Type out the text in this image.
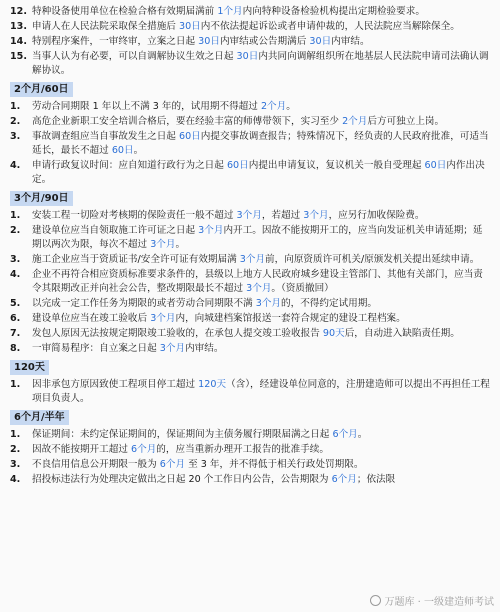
12. 特种设备使用单位在检验合格有效期届满前 1个月内向特种设备检验机构提出定期检验要求。
13. 申请人在人民法院采取保全措施后 30日内不依法提起诉讼或者申请仲裁的，人民法院应当解除保全。
14. 特别程序案件，一审终审，立案之日起 30日内审结或公告期满后 30日内审结。
15. 当事人认为有必要，可以自调解协议生效之日起 30日内共同向调解组织所在地基层人民法院申请司法确认调解协议。
2个月/60日
1.	劳动合同期限 1 年以上不满 3 年的，试用期不得超过 2个月。
2.	高危企业新职工安全培训合格后，要在经验丰富的师傅带领下，实习至少 2个月后方可独立上岗。
3.	事故调查组应当自事故发生之日起 60日内提交事故调查报告；特殊情况下，经负责的人民政府批准，可适当延长，最长不超过 60日。
4.	申请行政复议时间：应自知道行政行为之日起 60日内提出申请复议，复议机关一般自受理起 60日内作出决定。
3个月/90日
1.	安装工程一切险对考核期的保险责任一般不超过 3个月，若超过 3个月，应另行加收保险费。
2.	建设单位应当自领取施工许可证之日起 3个月内开工。因故不能按期开工的，应当向发证机关申请延期；延期以两次为限，每次不超过 3个月。
3.	施工企业应当于资质证书/安全许可证有效期届满 3个月前，向原资质许可机关/原颁发机关提出延续申请。
4.	企业不再符合相应资质标准要求条件的，县级以上地方人民政府城乡建设主管部门、其他有关部门，应当责令其限期改正并向社会公告，整改期限最长不超过 3个月。（资质撤回）
5.	以完成一定工作任务为期限的或者劳动合同期限不满 3个月的，不得约定试用期。
6.	建设单位应当在竣工验收后 3个月内，向城建档案馆报送一套符合规定的建设工程档案。
7.	发包人原因无法按规定期限竣工验收的，在承包人提交竣工验收报告 90天后，自动进入缺陷责任期。
8.	一审简易程序：自立案之日起 3个月内审结。
120天
1.	因非承包方原因致使工程项目停工超过 120天（含），经建设单位同意的，注册建造师可以提出不再担任工程项目负责人。
6个月/半年
1.	保证期间：未约定保证期间的，保证期间为主债务履行期限届满之日起 6个月。
2.	因故不能按期开工超过 6个月的，应当重新办理开工报告的批准手续。
3.	不良信用信息公开期限一般为 6个月 至 3 年，并不得低于相关行政处罚期限。
4.	招投标违法行为处理决定做出之日起 20 个工作日内公告，公告期限为 6个月；依法限
万题库 · 一级建造师考试
